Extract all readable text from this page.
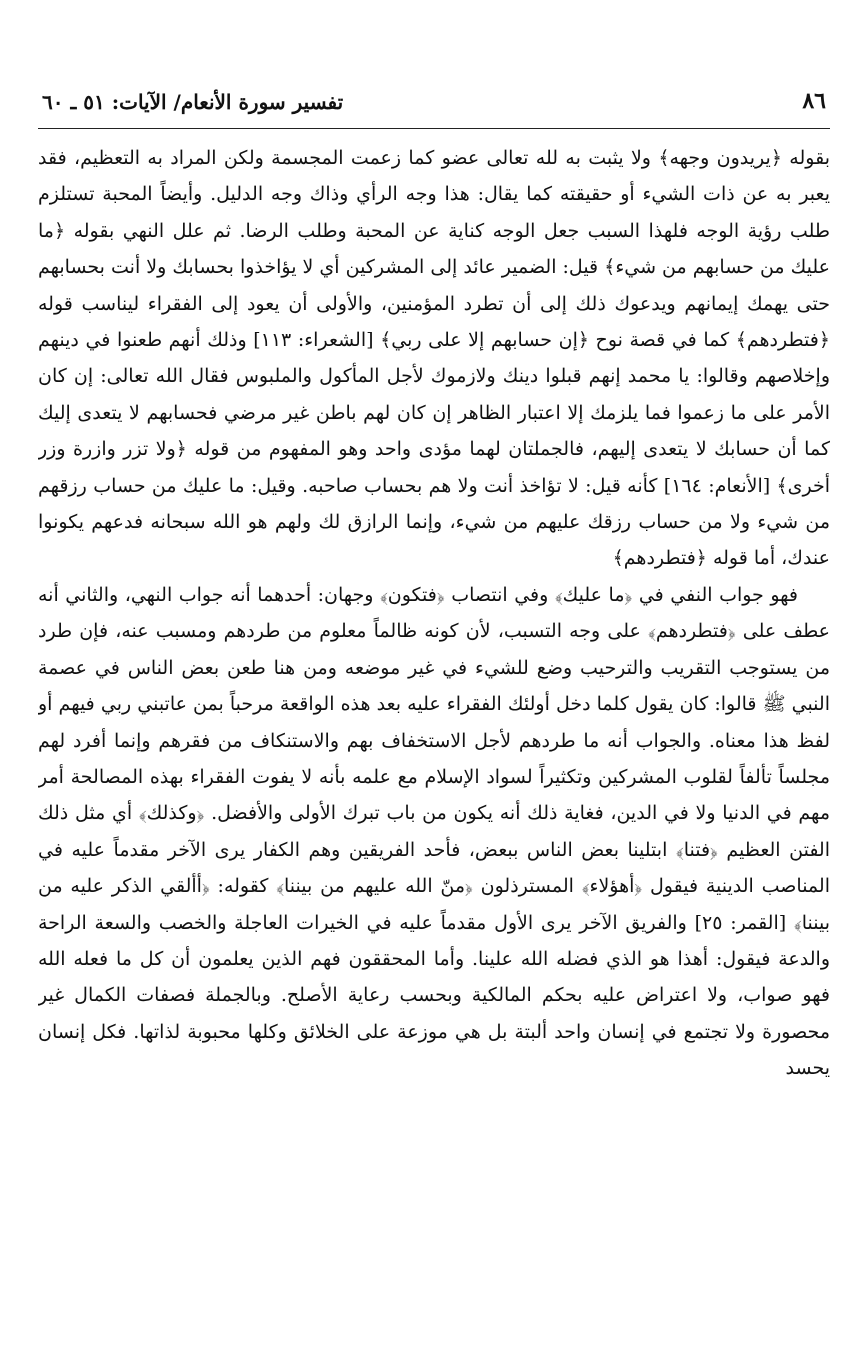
٨٦
تفسير سورة الأنعام/ الآيات: ٥١ ـ ٦٠

بقوله ﴿يريدون وجهه﴾ ولا يثبت به لله تعالى عضو كما زعمت المجسمة ولكن المراد به التعظيم، فقد يعبر به عن ذات الشيء أو حقيقته كما يقال: هذا وجه الرأي وذاك وجه الدليل. وأيضاً المحبة تستلزم طلب رؤية الوجه فلهذا السبب جعل الوجه كناية عن المحبة وطلب الرضا. ثم علل النهي بقوله ﴿ما عليك من حسابهم من شيء﴾ قيل: الضمير عائد إلى المشركين أي لا يؤاخذوا بحسابك ولا أنت بحسابهم حتى يهمك إيمانهم ويدعوك ذلك إلى أن تطرد المؤمنين، والأولى أن يعود إلى الفقراء ليناسب قوله ﴿فتطردهم﴾ كما في قصة نوح ﴿إن حسابهم إلا على ربي﴾ [الشعراء: ١١٣] وذلك أنهم طعنوا في دينهم وإخلاصهم وقالوا: يا محمد إنهم قبلوا دينك ولازموك لأجل المأكول والملبوس فقال الله تعالى: إن كان الأمر على ما زعموا فما يلزمك إلا اعتبار الظاهر إن كان لهم باطن غير مرضي فحسابهم لا يتعدى إليك كما أن حسابك لا يتعدى إليهم، فالجملتان لهما مؤدى واحد وهو المفهوم من قوله ﴿ولا تزر وازرة وزر أخرى﴾ [الأنعام: ١٦٤] كأنه قيل: لا تؤاخذ أنت ولا هم بحساب صاحبه. وقيل: ما عليك من حساب رزقهم من شيء ولا من حساب رزقك عليهم من شيء، وإنما الرازق لك ولهم هو الله سبحانه فدعهم يكونوا عندك، أما قوله ﴿فتطردهم﴾

فهو جواب النفي في ﴿ما عليك﴾ وفي انتصاب ﴿فتكون﴾ وجهان: أحدهما أنه جواب النهي، والثاني أنه عطف على ﴿فتطردهم﴾ على وجه التسبب، لأن كونه ظالماً معلوم من طردهم ومسبب عنه، فإن طرد من يستوجب التقريب والترحيب وضع للشيء في غير موضعه ومن هنا طعن بعض الناس في عصمة النبي ﷺ قالوا: كان يقول كلما دخل أولئك الفقراء عليه بعد هذه الواقعة مرحباً بمن عاتبني ربي فيهم أو لفظ هذا معناه. والجواب أنه ما طردهم لأجل الاستخفاف بهم والاستنكاف من فقرهم وإنما أفرد لهم مجلساً تألفاً لقلوب المشركين وتكثيراً لسواد الإسلام مع علمه بأنه لا يفوت الفقراء بهذه المصالحة أمر مهم في الدنيا ولا في الدين، فغاية ذلك أنه يكون من باب تبرك الأولى والأفضل. ﴿وكذلك﴾ أي مثل ذلك الفتن العظيم ﴿فتنا﴾ ابتلينا بعض الناس ببعض، فأحد الفريقين وهم الكفار يرى الآخر مقدماً عليه في المناصب الدينية فيقول ﴿أهؤلاء﴾ المسترذلون ﴿منّ الله عليهم من بيننا﴾ كقوله: ﴿أألقي الذكر عليه من بيننا﴾ [القمر: ٢٥] والفريق الآخر يرى الأول مقدماً عليه في الخيرات العاجلة والخصب والسعة الراحة والدعة فيقول: أهذا هو الذي فضله الله علينا. وأما المحققون فهم الذين يعلمون أن كل ما فعله الله فهو صواب، ولا اعتراض عليه بحكم المالكية وبحسب رعاية الأصلح. وبالجملة فصفات الكمال غير محصورة ولا تجتمع في إنسان واحد ألبتة بل هي موزعة على الخلائق وكلها محبوبة لذاتها. فكل إنسان يحسد
